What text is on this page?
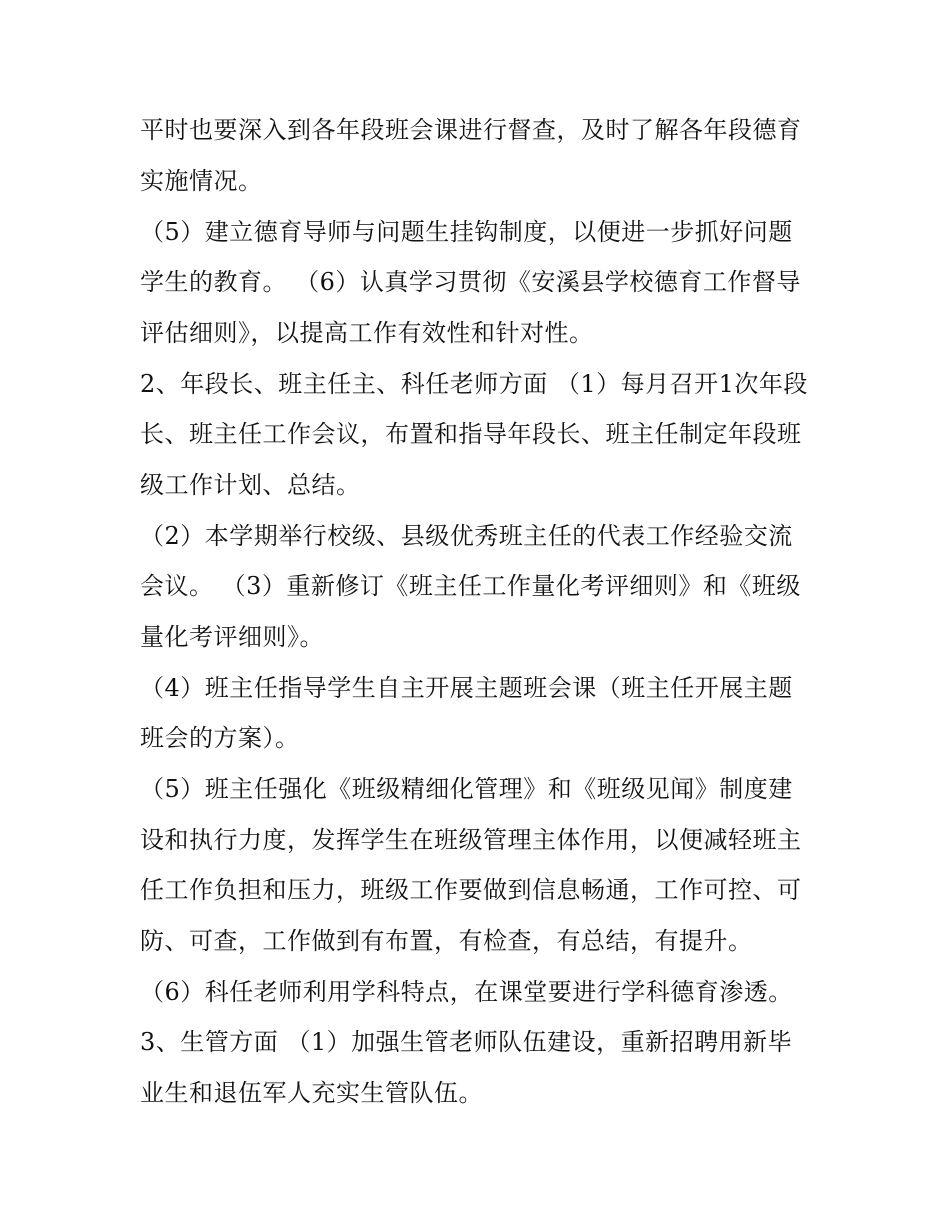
平时也要深入到各年段班会课进行督查，及时了解各年段德育
实施情况。
（5）建立德育导师与问题生挂钩制度，以便进一步抓好问题
学生的教育。 （6）认真学习贯彻《安溪县学校德育工作督导
评估细则》，以提高工作有效性和针对性。
2、年段长、班主任主、科任老师方面 （1）每月召开1次年段
长、班主任工作会议，布置和指导年段长、班主任制定年段班
级工作计划、总结。
（2）本学期举行校级、县级优秀班主任的代表工作经验交流
会议。 （3）重新修订《班主任工作量化考评细则》和《班级
量化考评细则》。
（4）班主任指导学生自主开展主题班会课（班主任开展主题
班会的方案）。
（5）班主任强化《班级精细化管理》和《班级见闻》制度建
设和执行力度，发挥学生在班级管理主体作用，以便减轻班主
任工作负担和压力，班级工作要做到信息畅通，工作可控、可
防、可查，工作做到有布置，有检查，有总结，有提升。
（6）科任老师利用学科特点，在课堂要进行学科德育渗透。
3、生管方面 （1）加强生管老师队伍建设，重新招聘用新毕
业生和退伍军人充实生管队伍。
